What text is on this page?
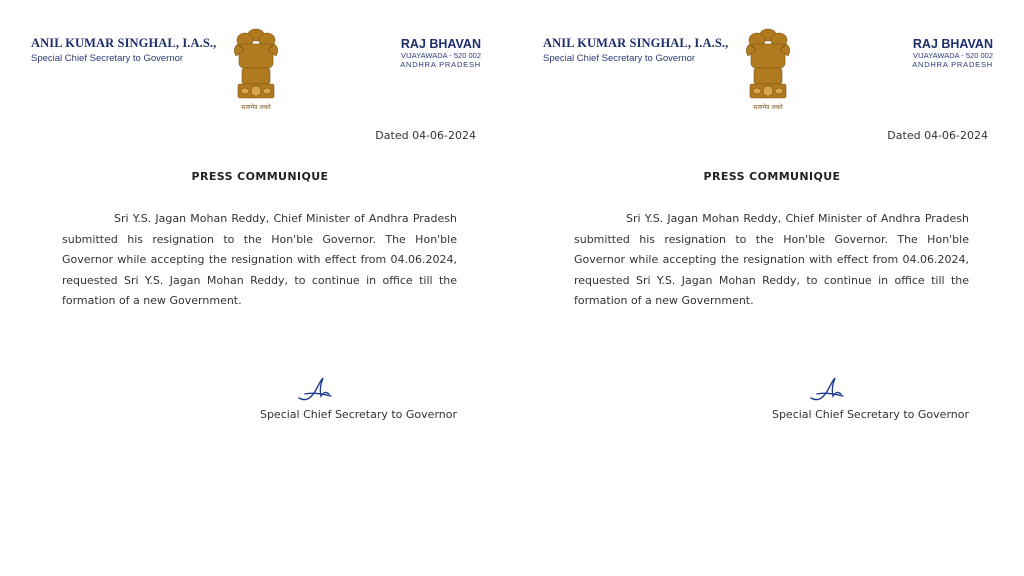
ANIL KUMAR SINGHAL, I.A.S.,
Special Chief Secretary to Governor
सत्यमेव जयते
RAJ BHAVAN
VIJAYAWADA - 520 002
ANDHRA PRADESH
Dated 04-06-2024
PRESS COMMUNIQUE

Sri Y.S. Jagan Mohan Reddy, Chief Minister of Andhra Pradesh submitted his resignation to the Hon'ble Governor. The Hon'ble Governor while accepting the resignation with effect from 04.06.2024, requested Sri Y.S. Jagan Mohan Reddy, to continue in office till the formation of a new Government.

Special Chief Secretary to Governor
ANIL KUMAR SINGHAL, I.A.S.,
Special Chief Secretary to Governor
सत्यमेव जयते
RAJ BHAVAN
VIJAYAWADA - 520 002
ANDHRA PRADESH
Dated 04-06-2024
PRESS COMMUNIQUE

Sri Y.S. Jagan Mohan Reddy, Chief Minister of Andhra Pradesh submitted his resignation to the Hon'ble Governor. The Hon'ble Governor while accepting the resignation with effect from 04.06.2024, requested Sri Y.S. Jagan Mohan Reddy, to continue in office till the formation of a new Government.

Special Chief Secretary to Governor
